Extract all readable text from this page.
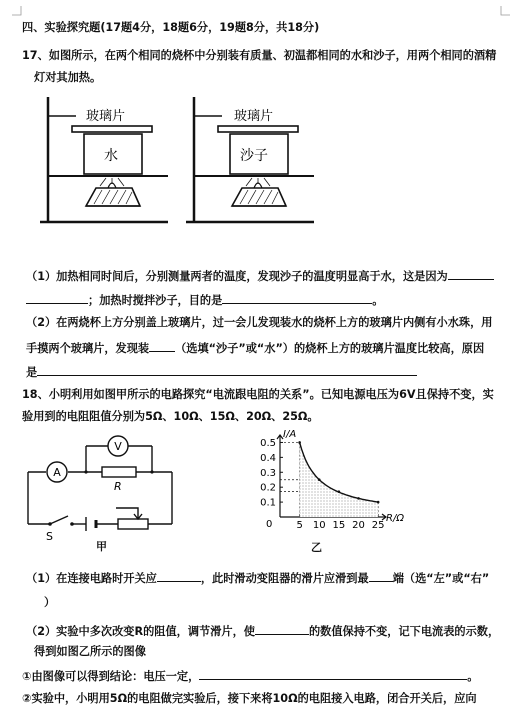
四、实验探究题(17题4分，18题6分，19题8分，共18分)
17、如图所示，在两个相同的烧杯中分别装有质量、初温都相同的水和沙子，用两个相同的酒精
灯对其加热。
玻璃片
水
玻璃片
沙子
（1）加热相同时间后，分别测量两者的温度，发现沙子的温度明显高于水，这是因为
；加热时搅拌沙子，目的是	。
（2）在两烧杯上方分别盖上玻璃片，过一会儿发现装水的烧杯上方的玻璃片内侧有小水珠，用
手摸两个玻璃片，发现装 （选填“沙子”或“水”）的烧杯上方的玻璃片温度比较高，原因
是
18、小明利用如图甲所示的电路探究“电流跟电阻的关系”。已知电源电压为6V且保持不变，实
验用到的电阻阻值分别为5Ω、10Ω、15Ω、20Ω、25Ω。
A
V
R
S
甲
0.1
0.2
0.3
0.4
0.5
5 10 15 20 25
I/A
R/Ω
0
乙
（1）在连接电路时开关应	，此时滑动变阻器的滑片应滑到最 端（选“左”或“右”
）
（2）实验中多次改变R的阻值，调节滑片，使	的数值保持不变，记下电流表的示数，
得到如图乙所示的图像
①由图像可以得到结论：电压一定，	。
②实验中，小明用5Ω的电阻做完实验后，接下来将10Ω的电阻接入电路，闭合开关后，应向
